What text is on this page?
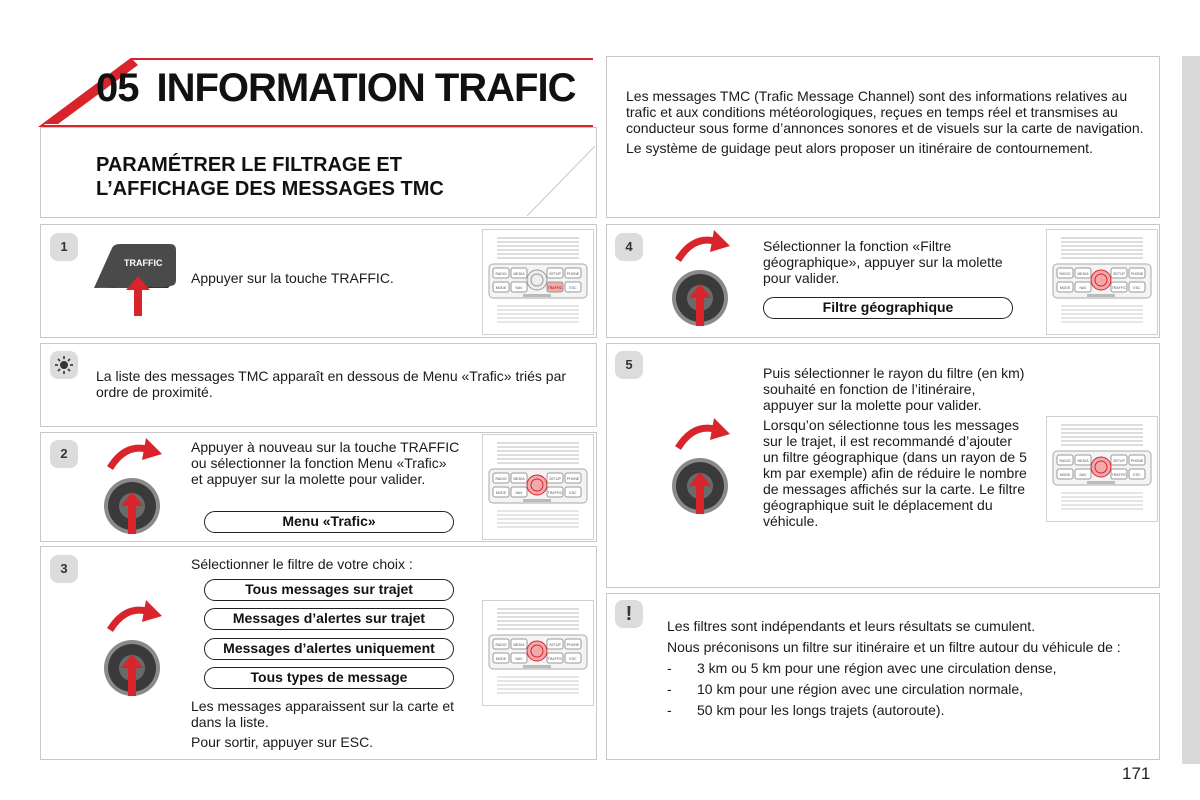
05 INFORMATION TRAFIC
PARAMÉTRER LE FILTRAGE ET
L’AFFICHAGE DES MESSAGES TMC
Les messages TMC (Trafic Message Channel) sont des informations relatives au trafic et aux conditions météorologiques, reçues en temps réel et transmises au conducteur sous forme d’annonces sonores et de visuels sur la carte de navigation.
Le système de guidage peut alors proposer un itinéraire de contournement.
1
TRAFFIC
Appuyer sur la touche TRAFFIC.	RADIO
MODE
MEDIA
NAV
SETUP
TRAFFIC
PHONE
ESC
La liste des messages TMC apparaît en dessous de Menu «Trafic» triés par ordre de proximité.
2	Appuyer à nouveau sur la touche TRAFFIC ou sélectionner la fonction Menu «Trafic» et appuyer sur la molette pour valider.
Menu «Trafic»
RADIO
MODE
MEDIA
NAV
SETUP
TRAFFIC
PHONE
ESC
3	Sélectionner le filtre de votre choix :
Tous messages sur trajet
Messages d’alertes sur trajet
Messages d’alertes uniquement
Tous types de message
Les messages apparaissent sur la carte et dans la liste.
Pour sortir, appuyer sur ESC.
RADIO
MODE
MEDIA
NAV
SETUP
TRAFFIC
PHONE
ESC
4	Sélectionner la fonction «Filtre géographique», appuyer sur la molette pour valider.
Filtre géographique
RADIO
MODE
MEDIA
NAV
SETUP
TRAFFIC
PHONE
ESC
5
Puis sélectionner le rayon du filtre (en km) souhaité en fonction de l’itinéraire, appuyer sur la molette pour valider.
Lorsqu’on sélectionne tous les messages sur le trajet, il est recommandé d’ajouter un filtre géographique (dans un rayon de 5 km par exemple) afin de réduire le nombre de messages affichés sur la carte. Le filtre géographique suit le déplacement du véhicule.
RADIO
MODE
MEDIA
NAV
SETUP
TRAFFIC
PHONE
ESC
!
Les filtres sont indépendants et leurs résultats se cumulent.
Nous préconisons un filtre sur itinéraire et un filtre autour du véhicule de :
- 3 km ou 5 km pour une région avec une circulation dense,
- 10 km pour une région avec une circulation normale,
- 50 km pour les longs trajets (autoroute).
171
